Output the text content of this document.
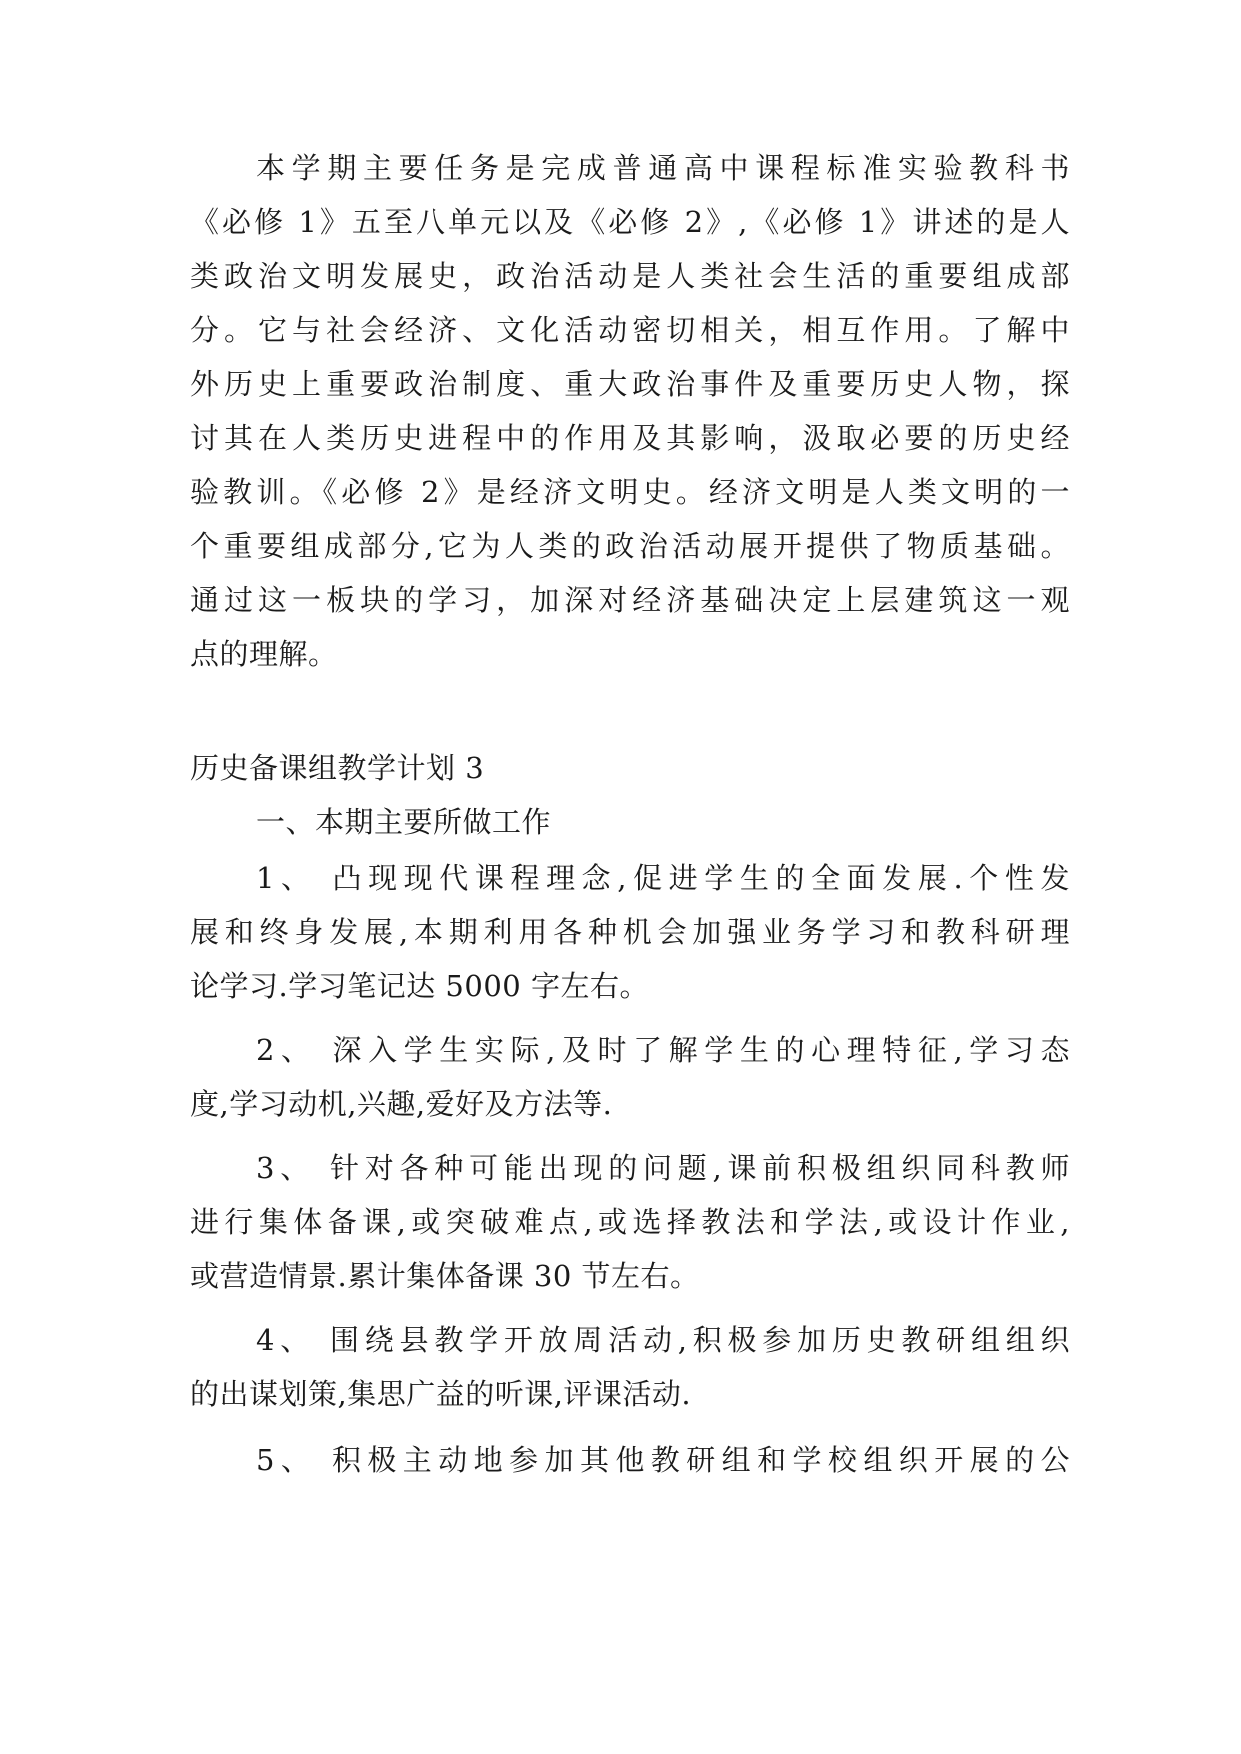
本学期主要任务是完成普通高中课程标准实验教科书
《必修 1》五至八单元以及《必修 2》,《必修 1》讲述的是人
类政治文明发展史，政治活动是人类社会生活的重要组成部
分。它与社会经济、文化活动密切相关，相互作用。了解中
外历史上重要政治制度、重大政治事件及重要历史人物，探
讨其在人类历史进程中的作用及其影响，汲取必要的历史经
验教训。《必修 2》是经济文明史。经济文明是人类文明的一
个重要组成部分,它为人类的政治活动展开提供了物质基础。
通过这一板块的学习，加深对经济基础决定上层建筑这一观
点的理解。
历史备课组教学计划 3
一、本期主要所做工作
1、 凸现现代课程理念,促进学生的全面发展.个性发
展和终身发展,本期利用各种机会加强业务学习和教科研理
论学习.学习笔记达 5000 字左右。
2、 深入学生实际,及时了解学生的心理特征,学习态
度,学习动机,兴趣,爱好及方法等.
3、 针对各种可能出现的问题,课前积极组织同科教师
进行集体备课,或突破难点,或选择教法和学法,或设计作业,
或营造情景.累计集体备课 30 节左右。
4、 围绕县教学开放周活动,积极参加历史教研组组织
的出谋划策,集思广益的听课,评课活动.
5、 积极主动地参加其他教研组和学校组织开展的公
